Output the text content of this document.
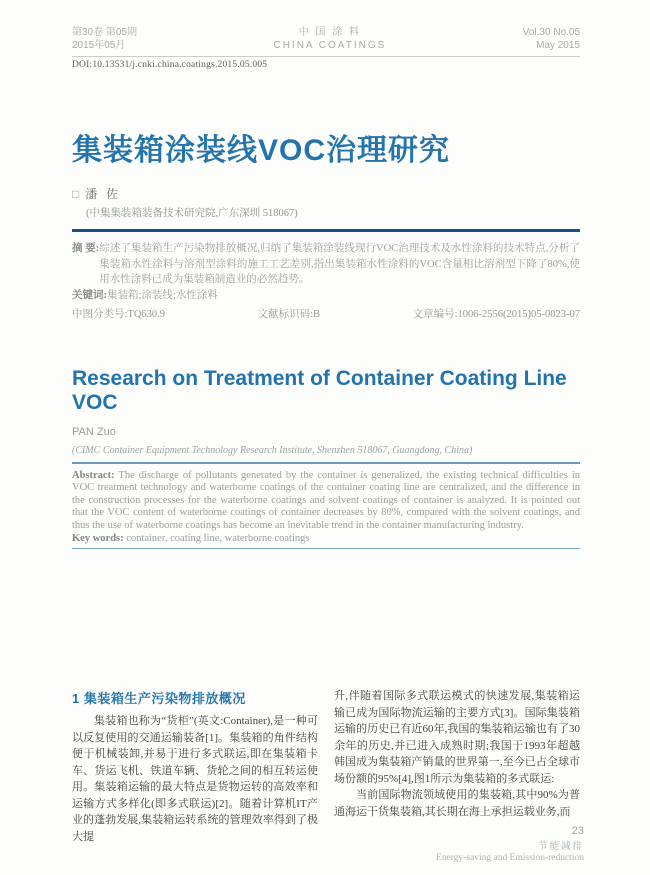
第30卷 第05期
2015年05月
中 国 涂 料
CHINA COATINGS
Vol.30 No.05
May 2015
DOI:10.13531/j.cnki.china.coatings.2015.05.005
集装箱涂装线VOC治理研究
□ 潘 佐
(中集集装箱装备技术研究院,广东深圳 518067)

摘 要:综述了集装箱生产污染物排放概况,归纳了集装箱涂装线现行VOC治理技术及水性涂料的技术特点,分析了集装箱水性涂料与溶剂型涂料的施工工艺差别,指出集装箱水性涂料的VOC含量相比溶剂型下降了80%,使用水性涂料已成为集装箱制造业的必然趋势。

关键词:集装箱;涂装线;水性涂料

中图分类号:TQ630.9	文献标识码:B	文章编号:1006-2556(2015)05-0023-07
Research on Treatment of Container Coating Line VOC
PAN Zuo
(CIMC Container Equipment Technology Research Institute, Shenzhen 518067, Guangdong, China)

Abstract: The discharge of pollutants generated by the container is generalized, the existing technical difficulties in VOC treatment technology and waterborne coatings of the container coating line are centralized, and the difference in the construction processes for the waterborne coatings and solvent coatings of container is analyzed. It is pointed out that the VOC content of waterborne coatings of container decreases by 80%, compared with the solvent coatings, and thus the use of waterborne coatings has become an inevitable trend in the container manufacturing industry.

Key words: container, coating line, waterborne coatings

1 集装箱生产污染物排放概况

集装箱也称为“货柜”(英文:Container),是一种可以反复使用的交通运输装备[1]。集装箱的角件结构便于机械装卸,并易于进行多式联运,即在集装箱卡车、货运飞机、铁道车辆、货轮之间的相互转运使用。集装箱运输的最大特点是货物运转的高效率和运输方式多样化(即多式联运)[2]。随着计算机IT产业的蓬勃发展,集装箱运转系统的管理效率得到了极大提

升,伴随着国际多式联运模式的快速发展,集装箱运输已成为国际物流运输的主要方式[3]。国际集装箱运输的历史已有近60年,我国的集装箱运输也有了30余年的历史,并已进入成熟时期;我国于1993年超越韩国成为集装箱产销量的世界第一,至今已占全球市场份额的95%[4],图1所示为集装箱的多式联运:

当前国际物流领域使用的集装箱,其中90%为普通海运干货集装箱,其长期在海上承担运载业务,而

23
节能减排
Energy-saving and Emission-reduction
